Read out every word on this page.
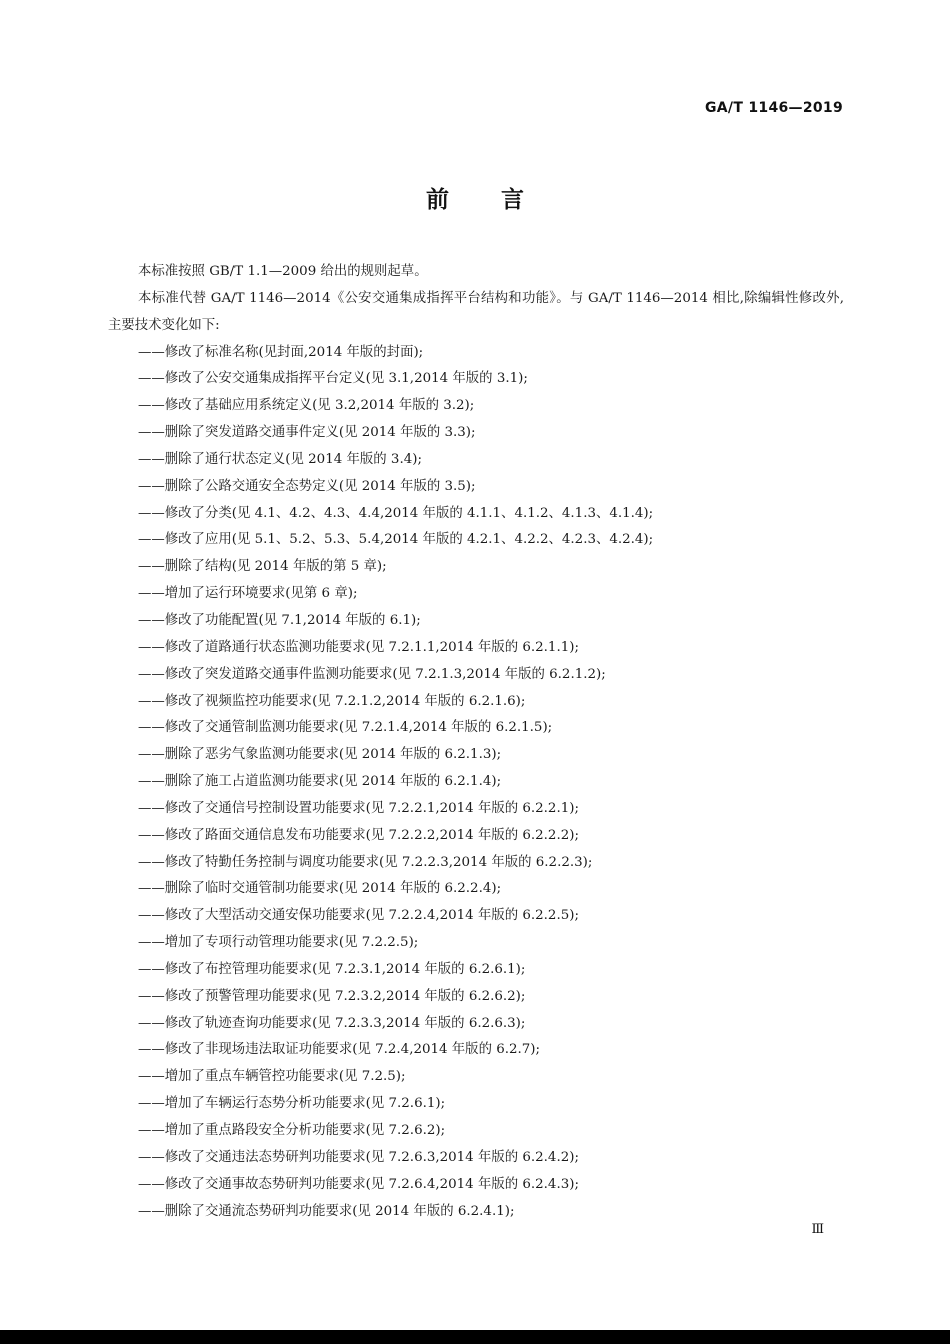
GA/T 1146—2019
前言

本标准按照 GB/T 1.1—2009 给出的规则起草。

本标准代替 GA/T 1146—2014《公安交通集成指挥平台结构和功能》。与 GA/T 1146—2014 相比,除编辑性修改外,主要技术变化如下:

——修改了标准名称(见封面,2014 年版的封面);

——修改了公安交通集成指挥平台定义(见 3.1,2014 年版的 3.1);

——修改了基础应用系统定义(见 3.2,2014 年版的 3.2);

——删除了突发道路交通事件定义(见 2014 年版的 3.3);

——删除了通行状态定义(见 2014 年版的 3.4);

——删除了公路交通安全态势定义(见 2014 年版的 3.5);

——修改了分类(见 4.1、4.2、4.3、4.4,2014 年版的 4.1.1、4.1.2、4.1.3、4.1.4);

——修改了应用(见 5.1、5.2、5.3、5.4,2014 年版的 4.2.1、4.2.2、4.2.3、4.2.4);

——删除了结构(见 2014 年版的第 5 章);

——增加了运行环境要求(见第 6 章);

——修改了功能配置(见 7.1,2014 年版的 6.1);

——修改了道路通行状态监测功能要求(见 7.2.1.1,2014 年版的 6.2.1.1);

——修改了突发道路交通事件监测功能要求(见 7.2.1.3,2014 年版的 6.2.1.2);

——修改了视频监控功能要求(见 7.2.1.2,2014 年版的 6.2.1.6);

——修改了交通管制监测功能要求(见 7.2.1.4,2014 年版的 6.2.1.5);

——删除了恶劣气象监测功能要求(见 2014 年版的 6.2.1.3);

——删除了施工占道监测功能要求(见 2014 年版的 6.2.1.4);

——修改了交通信号控制设置功能要求(见 7.2.2.1,2014 年版的 6.2.2.1);

——修改了路面交通信息发布功能要求(见 7.2.2.2,2014 年版的 6.2.2.2);

——修改了特勤任务控制与调度功能要求(见 7.2.2.3,2014 年版的 6.2.2.3);

——删除了临时交通管制功能要求(见 2014 年版的 6.2.2.4);

——修改了大型活动交通安保功能要求(见 7.2.2.4,2014 年版的 6.2.2.5);

——增加了专项行动管理功能要求(见 7.2.2.5);

——修改了布控管理功能要求(见 7.2.3.1,2014 年版的 6.2.6.1);

——修改了预警管理功能要求(见 7.2.3.2,2014 年版的 6.2.6.2);

——修改了轨迹查询功能要求(见 7.2.3.3,2014 年版的 6.2.6.3);

——修改了非现场违法取证功能要求(见 7.2.4,2014 年版的 6.2.7);

——增加了重点车辆管控功能要求(见 7.2.5);

——增加了车辆运行态势分析功能要求(见 7.2.6.1);

——增加了重点路段安全分析功能要求(见 7.2.6.2);

——修改了交通违法态势研判功能要求(见 7.2.6.3,2014 年版的 6.2.4.2);

——修改了交通事故态势研判功能要求(见 7.2.6.4,2014 年版的 6.2.4.3);

——删除了交通流态势研判功能要求(见 2014 年版的 6.2.4.1);

Ⅲ
